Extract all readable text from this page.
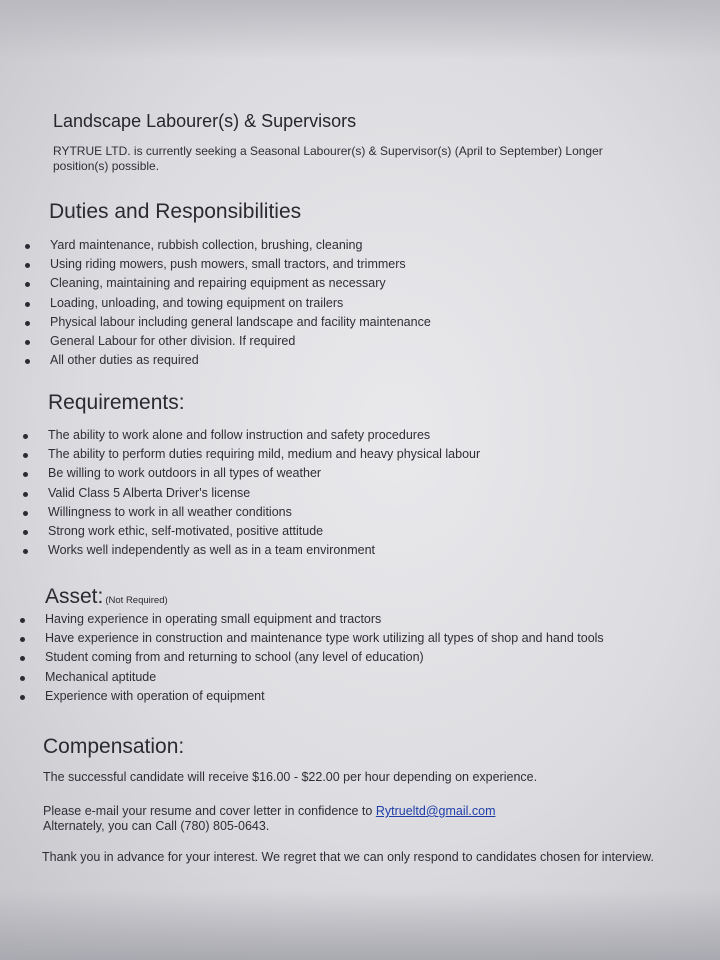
Landscape Labourer(s) & Supervisors

RYTRUE LTD. is currently seeking a Seasonal Labourer(s) & Supervisor(s) (April to September) Longer position(s) possible.

Duties and Responsibilities
Yard maintenance, rubbish collection, brushing, cleaning
Using riding mowers, push mowers, small tractors, and trimmers
Cleaning, maintaining and repairing equipment as necessary
Loading, unloading, and towing equipment on trailers
Physical labour including general landscape and facility maintenance
General Labour for other division. If required
All other duties as required
Requirements:
The ability to work alone and follow instruction and safety procedures
The ability to perform duties requiring mild, medium and heavy physical labour
Be willing to work outdoors in all types of weather
Valid Class 5 Alberta Driver's license
Willingness to work in all weather conditions
Strong work ethic, self-motivated, positive attitude
Works well independently as well as in a team environment
Asset: (Not Required)
Having experience in operating small equipment and tractors
Have experience in construction and maintenance type work utilizing all types of shop and hand tools
Student coming from and returning to school (any level of education)
Mechanical aptitude
Experience with operation of equipment
Compensation:

The successful candidate will receive $16.00 - $22.00 per hour depending on experience.

Please e-mail your resume and cover letter in confidence to Rytrueltd@gmail.com
Alternately, you can Call (780) 805-0643.

Thank you in advance for your interest. We regret that we can only respond to candidates chosen for interview.
